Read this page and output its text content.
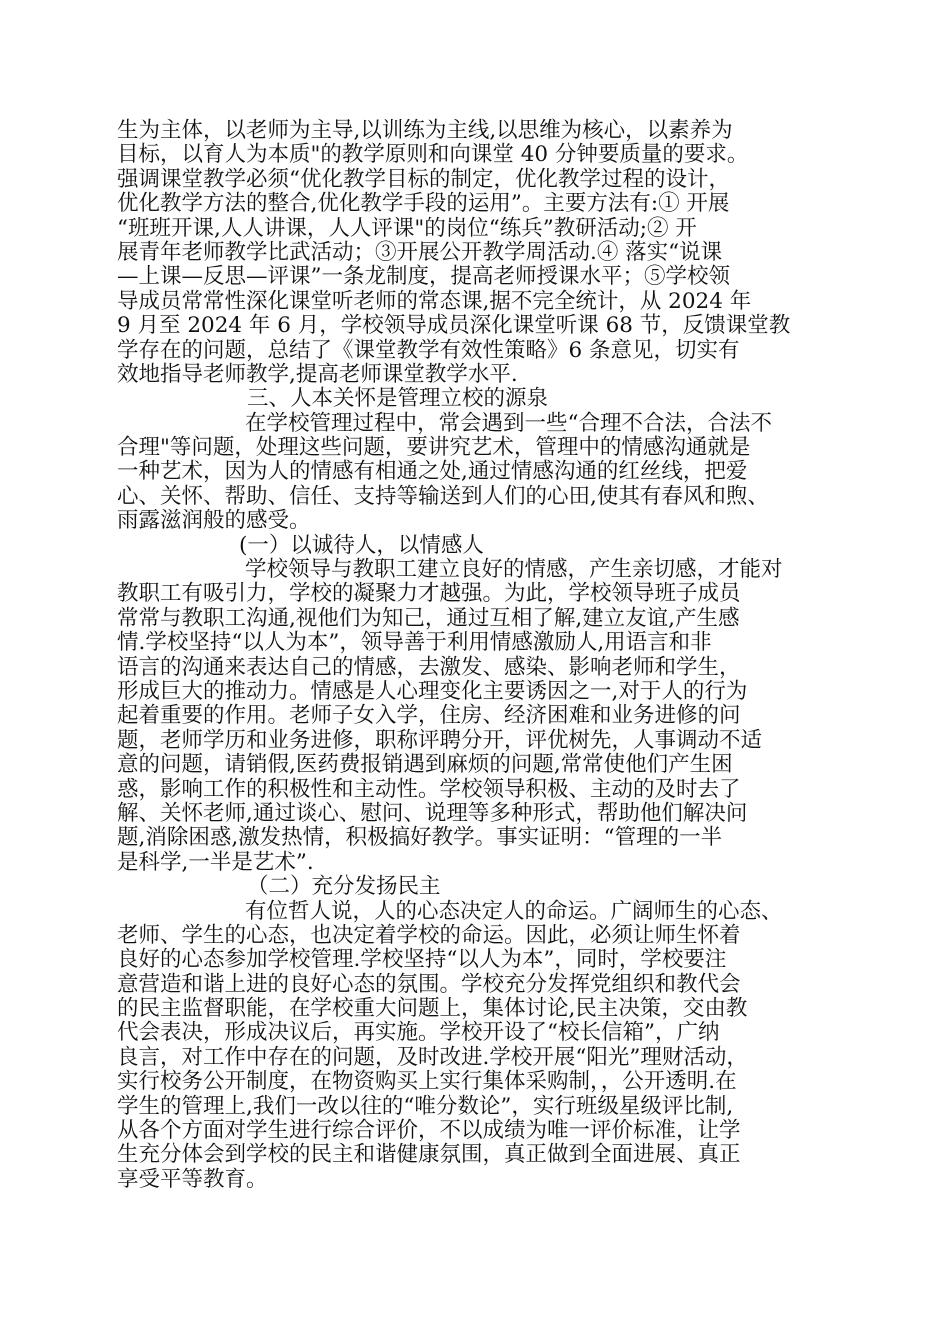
生为主体，以老师为主导,以训练为主线,以思维为核心，以素养为
目标，以育人为本质"的教学原则和向课堂 40 分钟要质量的要求。
强调课堂教学必须“优化教学目标的制定，优化教学过程的设计，
优化教学方法的整合,优化教学手段的运用”。主要方法有:① 开展
“班班开课,人人讲课，人人评课"的岗位“练兵”教研活动;② 开
展青年老师教学比武活动；③开展公开教学周活动.④ 落实“说课
—上课—反思—评课”一条龙制度，提高老师授课水平；⑤学校领
导成员常常性深化课堂听老师的常态课,据不完全统计，从 2024 年
9 月至 2024 年 6 月，学校领导成员深化课堂听课 68 节，反馈课堂教
学存在的问题，总结了《课堂教学有效性策略》6 条意见，切实有
效地指导老师教学,提高老师课堂教学水平.
三、人本关怀是管理立校的源泉
在学校管理过程中，常会遇到一些“合理不合法，合法不
合理"等问题，处理这些问题，要讲究艺术，管理中的情感沟通就是
一种艺术，因为人的情感有相通之处,通过情感沟通的红丝线，把爱
心、关怀、帮助、信任、支持等输送到人们的心田,使其有春风和煦、
雨露滋润般的感受。
(一）以诚待人，以情感人
学校领导与教职工建立良好的情感，产生亲切感，才能对
教职工有吸引力，学校的凝聚力才越强。为此，学校领导班子成员
常常与教职工沟通,视他们为知己，通过互相了解,建立友谊,产生感
情.学校坚持“以人为本”，领导善于利用情感激励人,用语言和非
语言的沟通来表达自己的情感，去激发、感染、影响老师和学生，
形成巨大的推动力。情感是人心理变化主要诱因之一,对于人的行为
起着重要的作用。老师子女入学，住房、经济困难和业务进修的问
题，老师学历和业务进修，职称评聘分开，评优树先，人事调动不适
意的问题，请销假,医药费报销遇到麻烦的问题,常常使他们产生困
惑，影响工作的积极性和主动性。学校领导积极、主动的及时去了
解、关怀老师,通过谈心、慰问、说理等多种形式，帮助他们解决问
题,消除困惑,激发热情，积极搞好教学。事实证明：“管理的一半
是科学,一半是艺术”.
（二）充分发扬民主
有位哲人说，人的心态决定人的命运。广阔师生的心态、
老师、学生的心态，也决定着学校的命运。因此，必须让师生怀着
良好的心态参加学校管理.学校坚持“以人为本”，同时，学校要注
意营造和谐上进的良好心态的氛围。学校充分发挥党组织和教代会
的民主监督职能，在学校重大问题上，集体讨论,民主决策，交由教
代会表决，形成决议后，再实施。学校开设了“校长信箱”，广纳
良言，对工作中存在的问题，及时改进.学校开展“阳光”理财活动，
实行校务公开制度，在物资购买上实行集体采购制，，公开透明.在
学生的管理上,我们一改以往的“唯分数论”，实行班级星级评比制,
从各个方面对学生进行综合评价，不以成绩为唯一评价标准，让学
生充分体会到学校的民主和谐健康氛围，真正做到全面进展、真正
享受平等教育。
